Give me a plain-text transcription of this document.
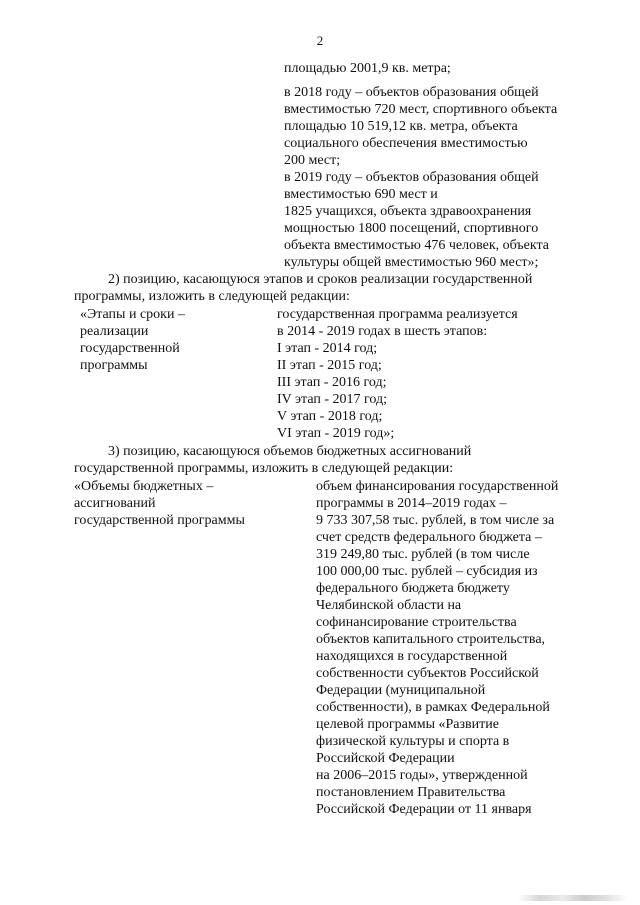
2
площадью 2001,9 кв. метра;
в 2018 году – объектов образования общей
вместимостью 720 мест, спортивного объекта
площадью 10 519,12 кв. метра, объекта
социального обеспечения вместимостью
200 мест;
в 2019 году – объектов образования общей
вместимостью 690 мест и
1825 учащихся, объекта здравоохранения
мощностью 1800 посещений, спортивного
объекта вместимостью 476 человек, объекта
культуры общей вместимостью 960 мест»;
2) позицию, касающуюся этапов и сроков реализации государственной
программы, изложить в следующей редакции:
«Этапы и сроки –
реализации
государственной
программы
государственная программа реализуется
в 2014 - 2019 годах в шесть этапов:
I этап - 2014 год;
II этап - 2015 год;
III этап - 2016 год;
IV этап - 2017 год;
V этап - 2018 год;
VI этап - 2019 год»;
3) позицию, касающуюся объемов бюджетных ассигнований
государственной программы, изложить в следующей редакции:
«Объемы бюджетных –
ассигнований
государственной программы
объем финансирования государственной
программы в 2014–2019 годах –
9 733 307,58 тыс. рублей, в том числе за
счет средств федерального бюджета –
319 249,80 тыс. рублей (в том числе
100 000,00 тыс. рублей – субсидия из
федерального бюджета бюджету
Челябинской области на
софинансирование строительства
объектов капитального строительства,
находящихся в государственной
собственности субъектов Российской
Федерации (муниципальной
собственности), в рамках Федеральной
целевой программы «Развитие
физической культуры и спорта в
Российской Федерации
на 2006–2015 годы», утвержденной
постановлением Правительства
Российской Федерации от 11 января
